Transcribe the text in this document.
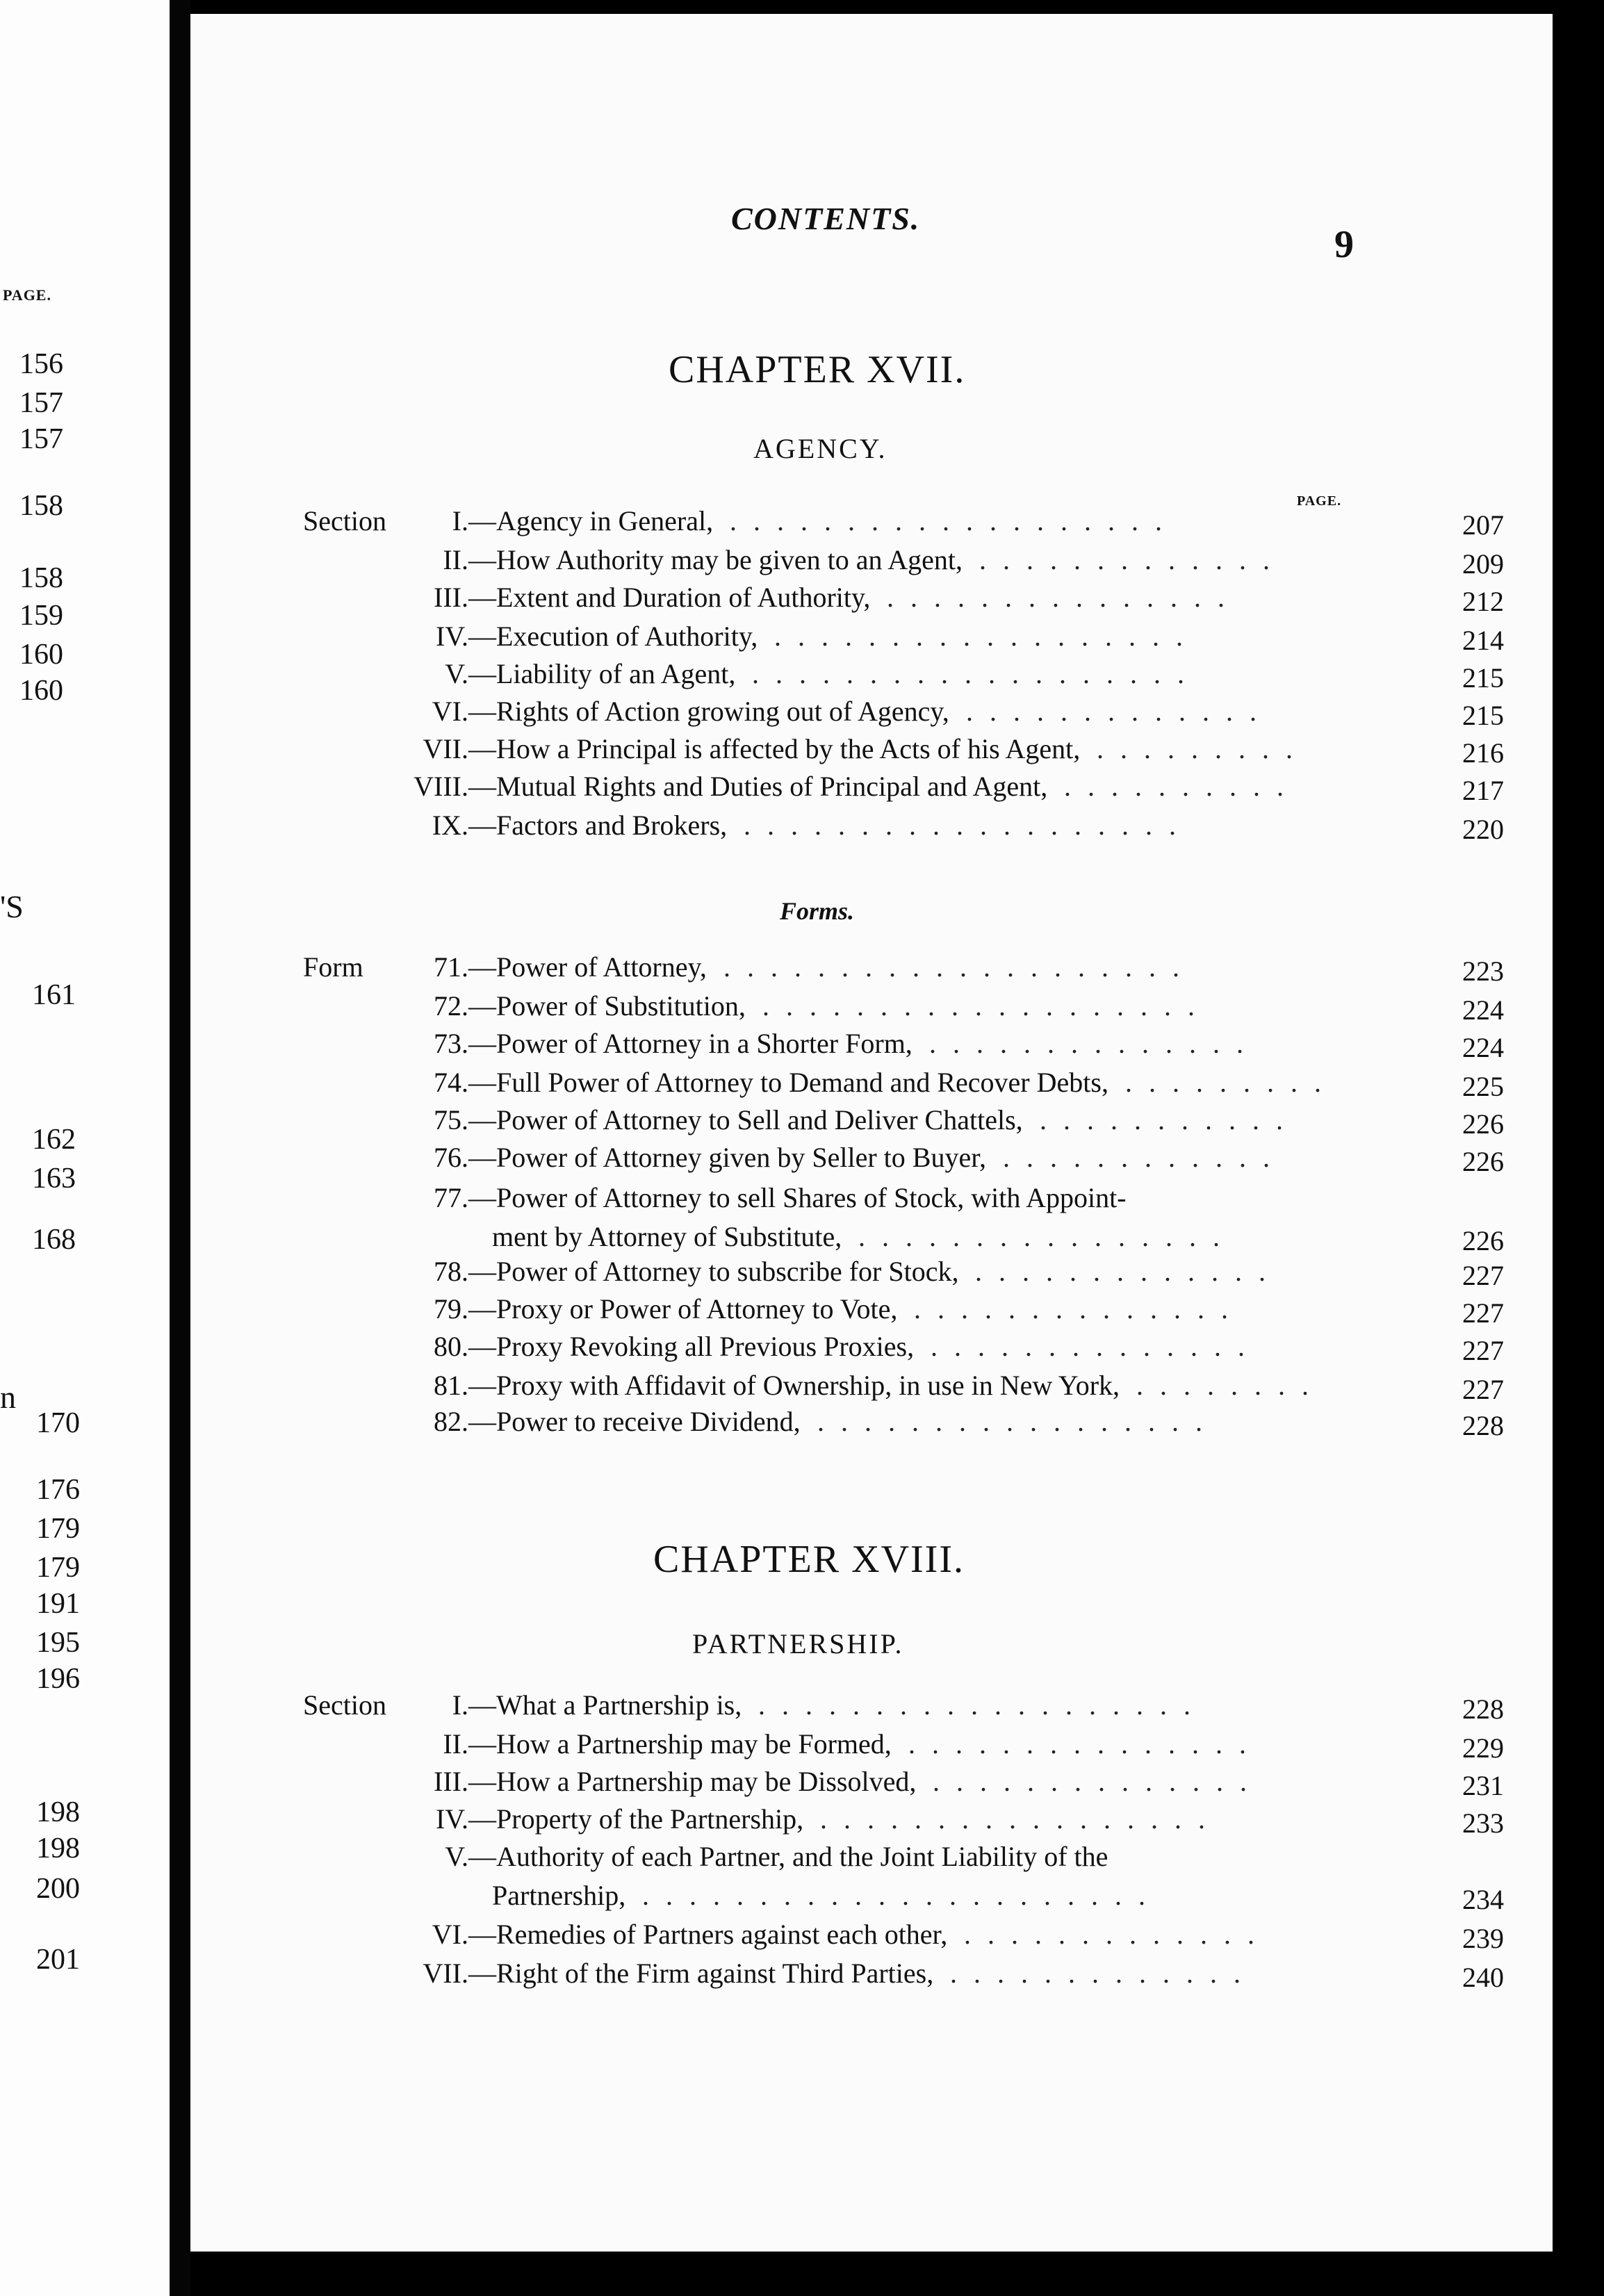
PAGE.
156
157
157
158
158
159
160
160
161
162
163
168
170
176
179
179
191
195
196
198
198
200
201
'S
n
CONTENTS.
9
CHAPTER XVII.
AGENCY.
PAGE.
Section I. —Agency in General, ...................	207
II. —How Authority may be given to an Agent, .............	209
III. —Extent and Duration of Authority, ...............	212
IV. —Execution of Authority, ..................	214
V. —Liability of an Agent, ...................	215
VI. —Rights of Action growing out of Agency, .............	215
VII. —How a Principal is affected by the Acts of his Agent, .........	216
VIII. —Mutual Rights and Duties of Principal and Agent, ..........	217
IX. —Factors and Brokers, ...................	220
Forms.
Form	71. —Power of Attorney, ....................	223
72. —Power of Substitution, ...................	224
73. —Power of Attorney in a Shorter Form, ..............	224
74. —Full Power of Attorney to Demand and Recover Debts, .........	225
75. —Power of Attorney to Sell and Deliver Chattels, ...........	226
76. —Power of Attorney given by Seller to Buyer, ............	226
77. —Power of Attorney to sell Shares of Stock, with Appoint-
ment by Attorney of Substitute, ................	226
78. —Power of Attorney to subscribe for Stock, .............	227
79. —Proxy or Power of Attorney to Vote, ..............	227
80. —Proxy Revoking all Previous Proxies, ..............	227
81. —Proxy with Affidavit of Ownership, in use in New York, ........	227
82. —Power to receive Dividend, .................	228
CHAPTER XVIII.
PARTNERSHIP.
Section I. —What a Partnership is, ...................	228
II. —How a Partnership may be Formed, ...............	229
III. —How a Partnership may be Dissolved, ..............	231
IV. —Property of the Partnership, .................	233
V. —Authority of each Partner, and the Joint Liability of the
Partnership, ......................	234
VI. —Remedies of Partners against each other, .............	239
VII. —Right of the Firm against Third Parties, .............	240
